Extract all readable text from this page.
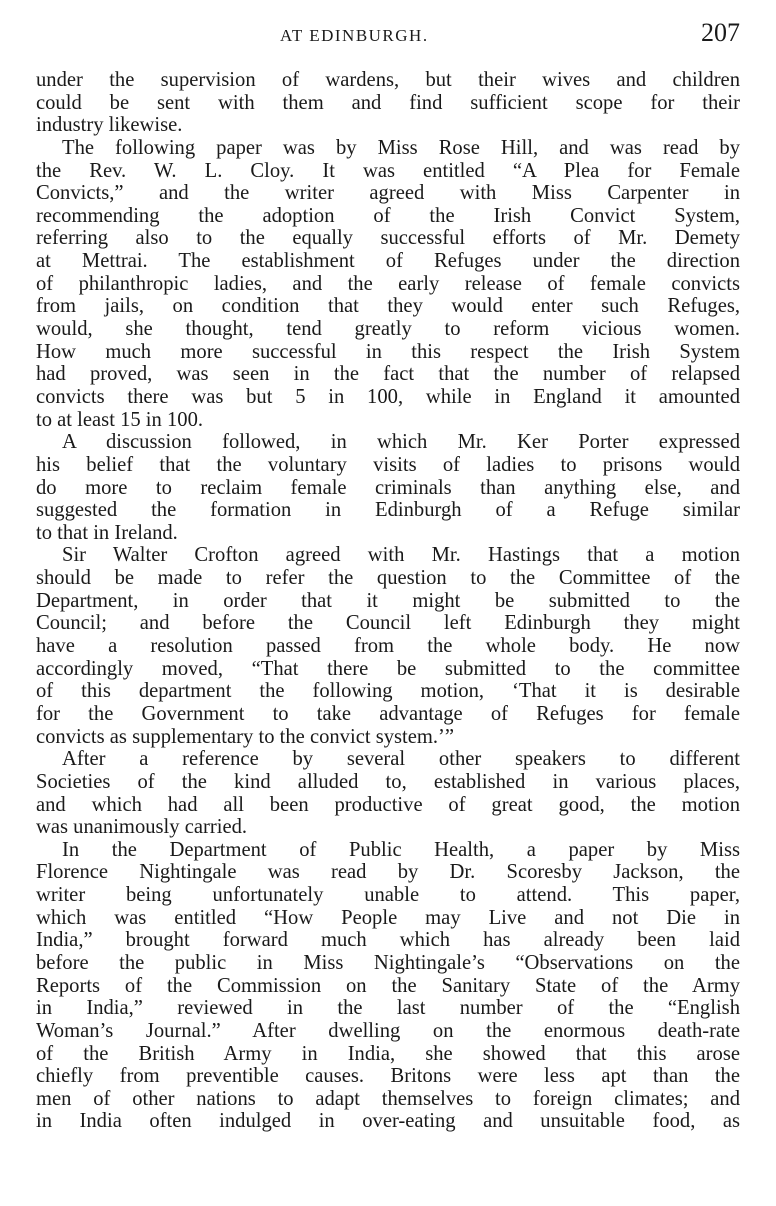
AT EDINBURGH.	207
under the supervision of wardens, but their wives and children
could be sent with them and find sufficient scope for their
industry likewise.
The following paper was by Miss Rose Hill, and was read by
the Rev. W. L. Cloy. It was entitled “A Plea for Female
Convicts,” and the writer agreed with Miss Carpenter in
recommending the adoption of the Irish Convict System,
referring also to the equally successful efforts of Mr. Demety
at Mettrai. The establishment of Refuges under the direction
of philanthropic ladies, and the early release of female convicts
from jails, on condition that they would enter such Refuges,
would, she thought, tend greatly to reform vicious women.
How much more successful in this respect the Irish System
had proved, was seen in the fact that the number of relapsed
convicts there was but 5 in 100, while in England it amounted
to at least 15 in 100.
A discussion followed, in which Mr. Ker Porter expressed
his belief that the voluntary visits of ladies to prisons would
do more to reclaim female criminals than anything else, and
suggested the formation in Edinburgh of a Refuge similar
to that in Ireland.
Sir Walter Crofton agreed with Mr. Hastings that a motion
should be made to refer the question to the Committee of the
Department, in order that it might be submitted to the
Council; and before the Council left Edinburgh they might
have a resolution passed from the whole body. He now
accordingly moved, “That there be submitted to the committee
of this department the following motion, ‘That it is desirable
for the Government to take advantage of Refuges for female
convicts as supplementary to the convict system.’”
After a reference by several other speakers to different
Societies of the kind alluded to, established in various places,
and which had all been productive of great good, the motion
was unanimously carried.
In the Department of Public Health, a paper by Miss
Florence Nightingale was read by Dr. Scoresby Jackson, the
writer being unfortunately unable to attend. This paper,
which was entitled “How People may Live and not Die in
India,” brought forward much which has already been laid
before the public in Miss Nightingale’s “Observations on the
Reports of the Commission on the Sanitary State of the Army
in India,” reviewed in the last number of the “English
Woman’s Journal.” After dwelling on the enormous death-rate
of the British Army in India, she showed that this arose
chiefly from preventible causes. Britons were less apt than the
men of other nations to adapt themselves to foreign climates; and
in India often indulged in over-eating and unsuitable food, as
